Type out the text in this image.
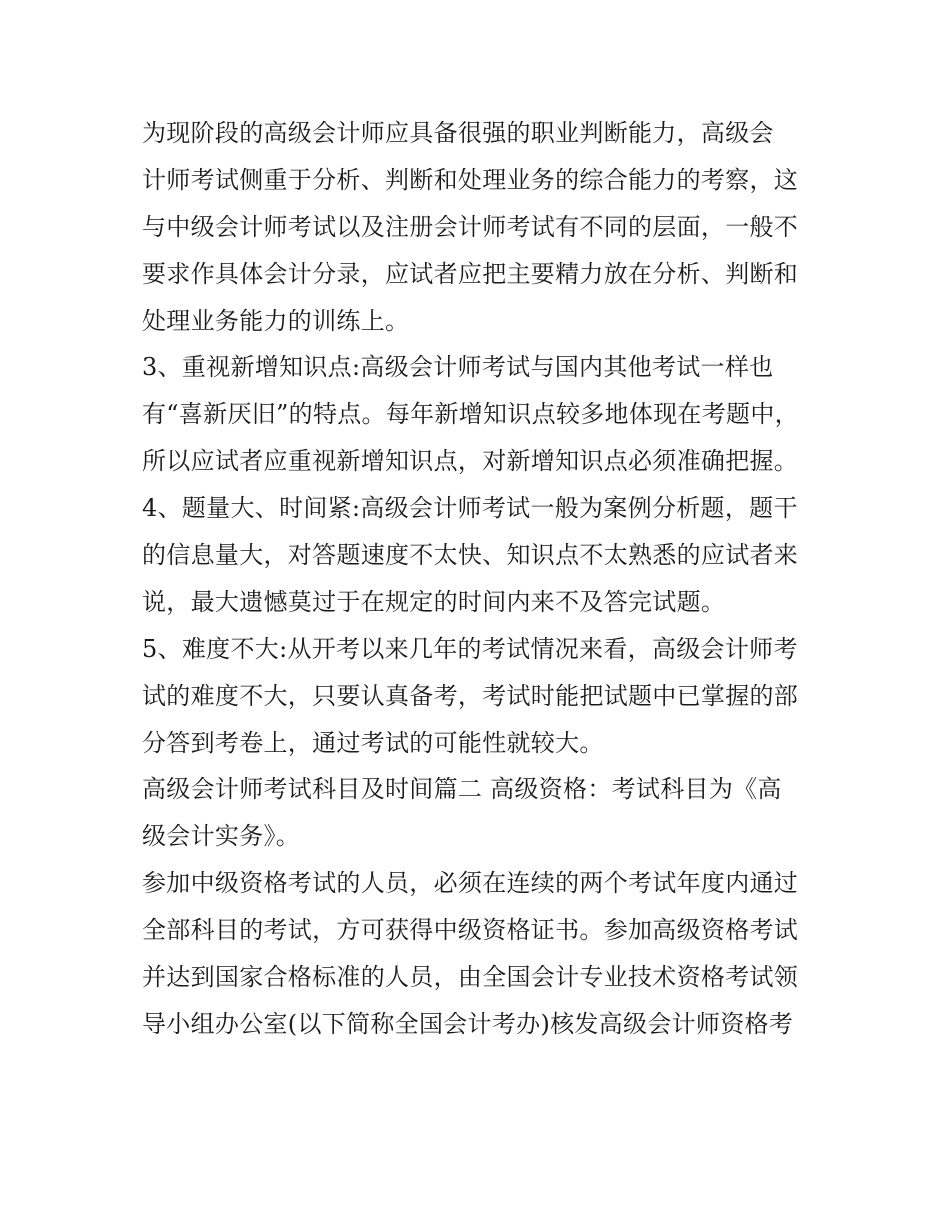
为现阶段的高级会计师应具备很强的职业判断能力，高级会
计师考试侧重于分析、判断和处理业务的综合能力的考察，这
与中级会计师考试以及注册会计师考试有不同的层面，一般不
要求作具体会计分录，应试者应把主要精力放在分析、判断和
处理业务能力的训练上。
3、重视新增知识点:高级会计师考试与国内其他考试一样也
有“喜新厌旧”的特点。每年新增知识点较多地体现在考题中，
所以应试者应重视新增知识点，对新增知识点必须准确把握。
4、题量大、时间紧:高级会计师考试一般为案例分析题，题干
的信息量大，对答题速度不太快、知识点不太熟悉的应试者来
说，最大遗憾莫过于在规定的时间内来不及答完试题。
5、难度不大:从开考以来几年的考试情况来看，高级会计师考
试的难度不大，只要认真备考，考试时能把试题中已掌握的部
分答到考卷上，通过考试的可能性就较大。
高级会计师考试科目及时间篇二 高级资格：考试科目为《高
级会计实务》。
参加中级资格考试的人员，必须在连续的两个考试年度内通过
全部科目的考试，方可获得中级资格证书。参加高级资格考试
并达到国家合格标准的人员，由全国会计专业技术资格考试领
导小组办公室(以下简称全国会计考办)核发高级会计师资格考
